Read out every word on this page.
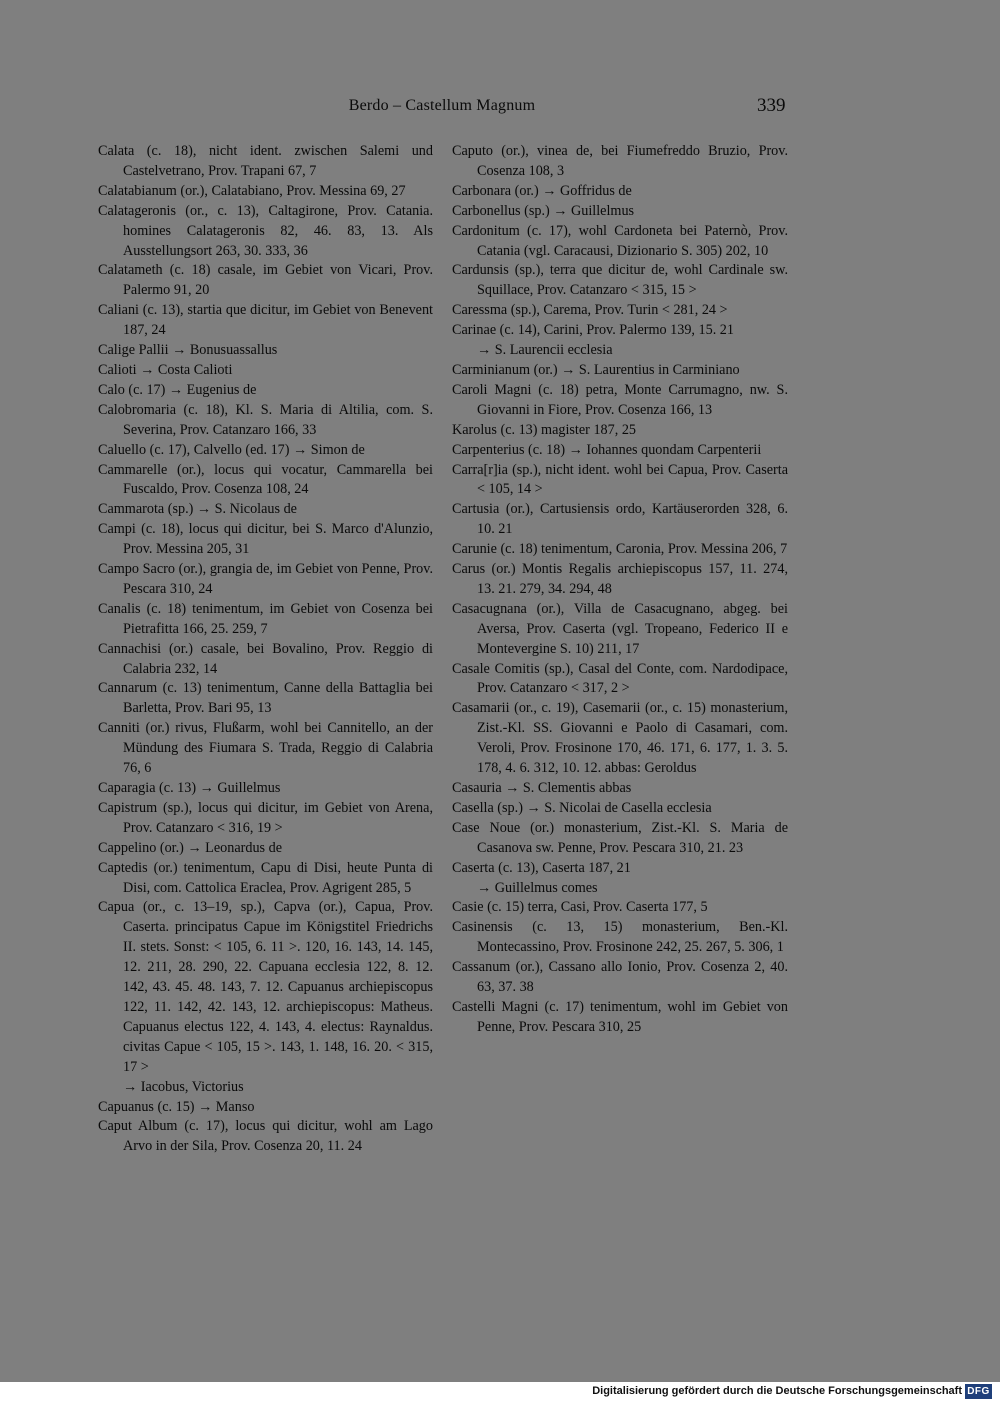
Berdo – Castellum Magnum	339

Calata (c. 18), nicht ident. zwischen Salemi und Castelvetrano, Prov. Trapani 67, 7

Calatabianum (or.), Calatabiano, Prov. Messina 69, 27

Calatageronis (or., c. 13), Caltagirone, Prov. Catania. homines Calatageronis 82, 46. 83, 13. Als Ausstellungsort 263, 30. 333, 36

Calatameth (c. 18) casale, im Gebiet von Vicari, Prov. Palermo 91, 20

Caliani (c. 13), startia que dicitur, im Gebiet von Benevent 187, 24

Calige Pallii → Bonusuassallus

Calioti → Costa Calioti

Calo (c. 17) → Eugenius de

Calobromaria (c. 18), Kl. S. Maria di Altilia, com. S. Severina, Prov. Catanzaro 166, 33

Caluello (c. 17), Calvello (ed. 17) → Simon de

Cammarelle (or.), locus qui vocatur, Cammarella bei Fuscaldo, Prov. Cosenza 108, 24

Cammarota (sp.) → S. Nicolaus de

Campi (c. 18), locus qui dicitur, bei S. Marco d'Alunzio, Prov. Messina 205, 31

Campo Sacro (or.), grangia de, im Gebiet von Penne, Prov. Pescara 310, 24

Canalis (c. 18) tenimentum, im Gebiet von Cosenza bei Pietrafitta 166, 25. 259, 7

Cannachisi (or.) casale, bei Bovalino, Prov. Reggio di Calabria 232, 14

Cannarum (c. 13) tenimentum, Canne della Battaglia bei Barletta, Prov. Bari 95, 13

Canniti (or.) rivus, Flußarm, wohl bei Cannitello, an der Mündung des Fiumara S. Trada, Reggio di Calabria 76, 6

Caparagia (c. 13) → Guillelmus

Capistrum (sp.), locus qui dicitur, im Gebiet von Arena, Prov. Catanzaro < 316, 19 >

Cappelino (or.) → Leonardus de

Captedis (or.) tenimentum, Capu di Disi, heute Punta di Disi, com. Cattolica Eraclea, Prov. Agrigent 285, 5

Capua (or., c. 13–19, sp.), Capva (or.), Capua, Prov. Caserta. principatus Capue im Königstitel Friedrichs II. stets. Sonst: < 105, 6. 11 >. 120, 16. 143, 14. 145, 12. 211, 28. 290, 22. Capuana ecclesia 122, 8. 12. 142, 43. 45. 48. 143, 7. 12. Capuanus archiepiscopus 122, 11. 142, 42. 143, 12. archiepiscopus: Matheus. Capuanus electus 122, 4. 143, 4. electus: Raynaldus. civitas Capue < 105, 15 >. 143, 1. 148, 16. 20. < 315, 17 >

→ Iacobus, Victorius

Capuanus (c. 15) → Manso

Caput Album (c. 17), locus qui dicitur, wohl am Lago Arvo in der Sila, Prov. Cosenza 20, 11. 24

Caputo (or.), vinea de, bei Fiumefreddo Bruzio, Prov. Cosenza 108, 3

Carbonara (or.) → Goffridus de

Carbonellus (sp.) → Guillelmus

Cardonitum (c. 17), wohl Cardoneta bei Paternò, Prov. Catania (vgl. Caracausi, Dizionario S. 305) 202, 10

Cardunsis (sp.), terra que dicitur de, wohl Cardinale sw. Squillace, Prov. Catanzaro < 315, 15 >

Caressma (sp.), Carema, Prov. Turin < 281, 24 >

Carinae (c. 14), Carini, Prov. Palermo 139, 15. 21

→ S. Laurencii ecclesia

Carminianum (or.) → S. Laurentius in Carminiano

Caroli Magni (c. 18) petra, Monte Carrumagno, nw. S. Giovanni in Fiore, Prov. Cosenza 166, 13

Karolus (c. 13) magister 187, 25

Carpenterius (c. 18) → Iohannes quondam Carpenterii

Carra[r]ia (sp.), nicht ident. wohl bei Capua, Prov. Caserta < 105, 14 >

Cartusia (or.), Cartusiensis ordo, Kartäuserorden 328, 6. 10. 21

Carunie (c. 18) tenimentum, Caronia, Prov. Messina 206, 7

Carus (or.) Montis Regalis archiepiscopus 157, 11. 274, 13. 21. 279, 34. 294, 48

Casacugnana (or.), Villa de Casacugnano, abgeg. bei Aversa, Prov. Caserta (vgl. Tropeano, Federico II e Montevergine S. 10) 211, 17

Casale Comitis (sp.), Casal del Conte, com. Nardodipace, Prov. Catanzaro < 317, 2 >

Casamarii (or., c. 19), Casemarii (or., c. 15) monasterium, Zist.-Kl. SS. Giovanni e Paolo di Casamari, com. Veroli, Prov. Frosinone 170, 46. 171, 6. 177, 1. 3. 5. 178, 4. 6. 312, 10. 12. abbas: Geroldus

Casauria → S. Clementis abbas

Casella (sp.) → S. Nicolai de Casella ecclesia

Case Noue (or.) monasterium, Zist.-Kl. S. Maria de Casanova sw. Penne, Prov. Pescara 310, 21. 23

Caserta (c. 13), Caserta 187, 21

→ Guillelmus comes

Casie (c. 15) terra, Casi, Prov. Caserta 177, 5

Casinensis (c. 13, 15) monasterium, Ben.-Kl. Montecassino, Prov. Frosinone 242, 25. 267, 5. 306, 1

Cassanum (or.), Cassano allo Ionio, Prov. Cosenza 2, 40. 63, 37. 38

Castelli Magni (c. 17) tenimentum, wohl im Gebiet von Penne, Prov. Pescara 310, 25

Digitalisierung gefördert durch die Deutsche Forschungsgemeinschaft DFG
